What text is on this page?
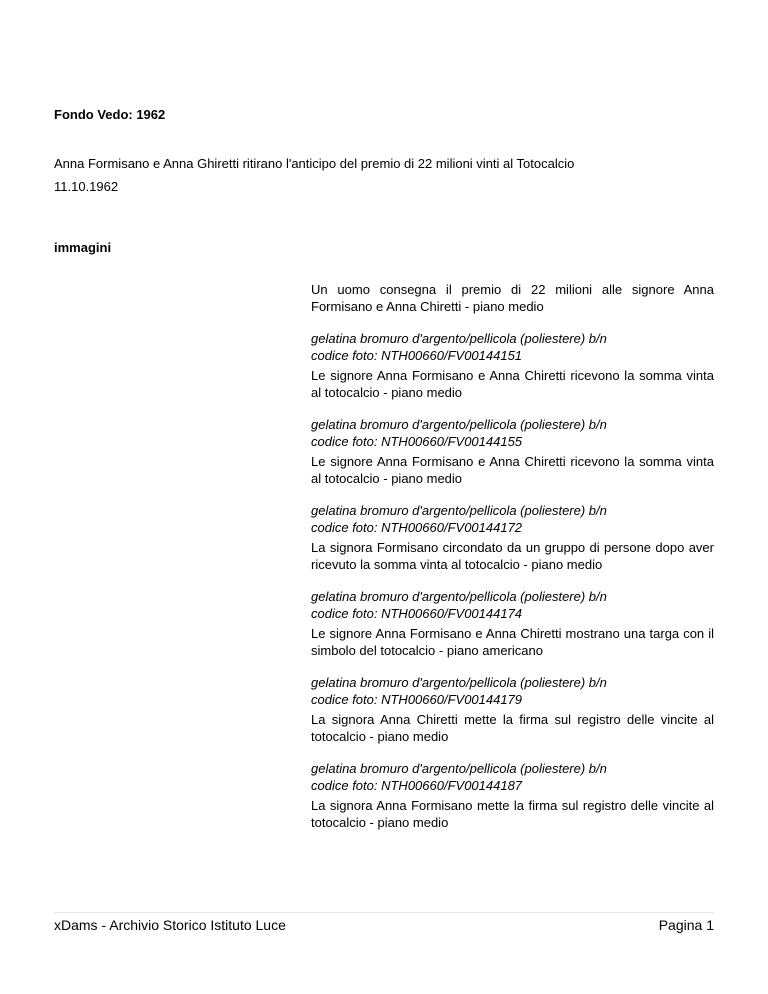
Fondo Vedo: 1962
Anna Formisano e Anna Ghiretti ritirano l'anticipo del premio di 22 milioni vinti al Totocalcio
11.10.1962
immagini

Un uomo consegna il premio di 22 milioni alle signore Anna Formisano e Anna Chiretti - piano medio

gelatina bromuro d'argento/pellicola (poliestere) b/n
codice foto: NTH00660/FV00144151

Le signore Anna Formisano e Anna Chiretti ricevono la somma vinta al totocalcio - piano medio

gelatina bromuro d'argento/pellicola (poliestere) b/n
codice foto: NTH00660/FV00144155

Le signore Anna Formisano e Anna Chiretti ricevono la somma vinta al totocalcio - piano medio

gelatina bromuro d'argento/pellicola (poliestere) b/n
codice foto: NTH00660/FV00144172

La signora Formisano circondato da un gruppo di persone dopo aver ricevuto la somma vinta al totocalcio - piano medio

gelatina bromuro d'argento/pellicola (poliestere) b/n
codice foto: NTH00660/FV00144174

Le signore Anna Formisano e Anna Chiretti mostrano una targa con il simbolo del totocalcio - piano americano

gelatina bromuro d'argento/pellicola (poliestere) b/n
codice foto: NTH00660/FV00144179

La signora Anna Chiretti mette la firma sul registro delle vincite al totocalcio - piano medio

gelatina bromuro d'argento/pellicola (poliestere) b/n
codice foto: NTH00660/FV00144187

La signora Anna Formisano mette la firma sul registro delle vincite al totocalcio - piano medio

xDams - Archivio Storico Istituto Luce	Pagina 1
